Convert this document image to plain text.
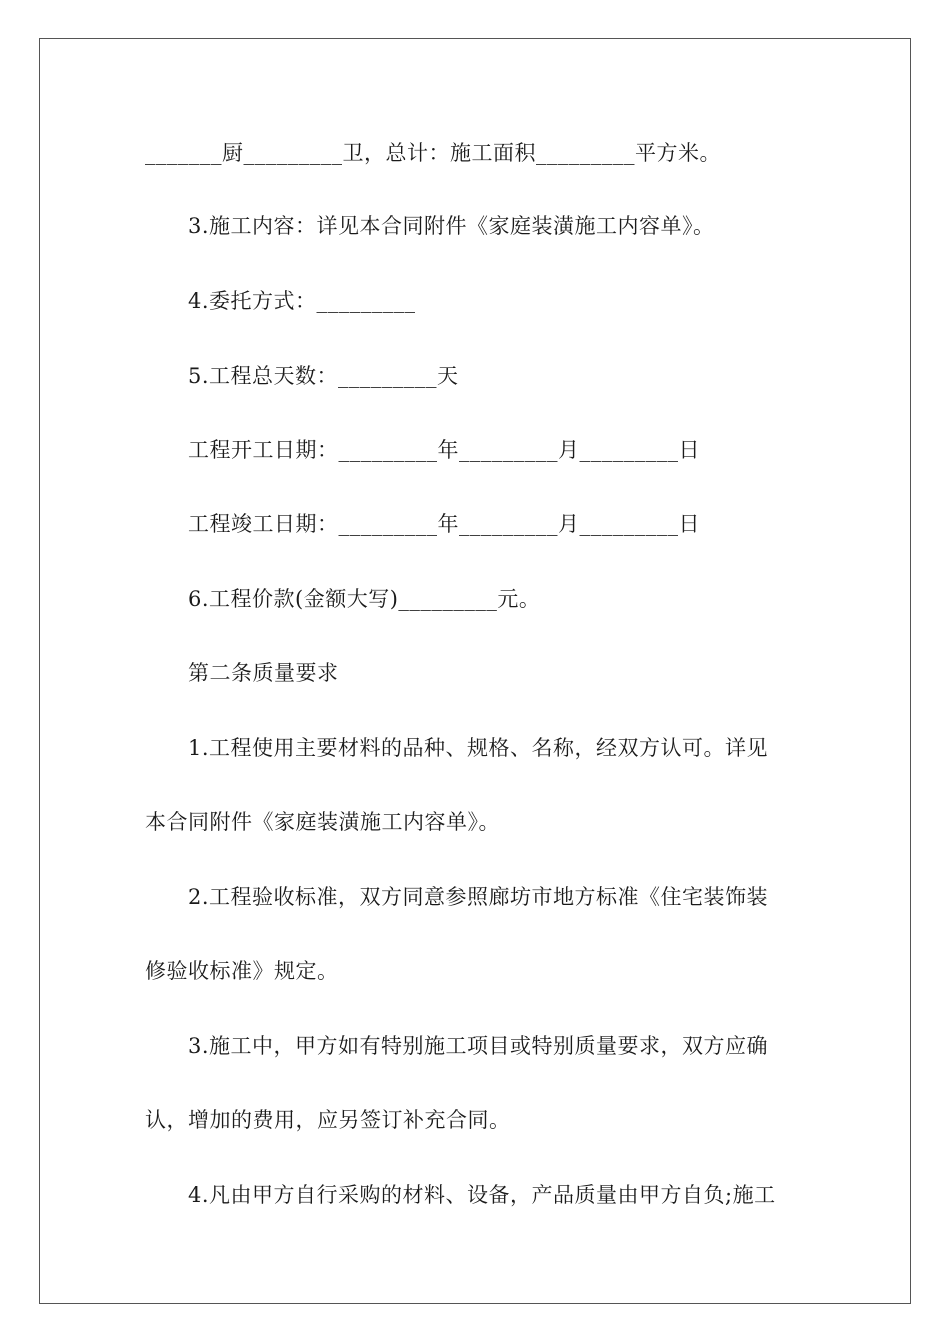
_______厨_________卫，总计：施工面积_________平方米。
3.施工内容：详见本合同附件《家庭装潢施工内容单》。
4.委托方式：_________
5.工程总天数：_________天
工程开工日期：_________年_________月_________日
工程竣工日期：_________年_________月_________日
6.工程价款(金额大写)_________元。
第二条质量要求
1.工程使用主要材料的品种、规格、名称，经双方认可。详见
本合同附件《家庭装潢施工内容单》。
2.工程验收标准，双方同意参照廊坊市地方标准《住宅装饰装
修验收标准》规定。
3.施工中，甲方如有特别施工项目或特别质量要求，双方应确
认，增加的费用，应另签订补充合同。
4.凡由甲方自行采购的材料、设备，产品质量由甲方自负;施工
